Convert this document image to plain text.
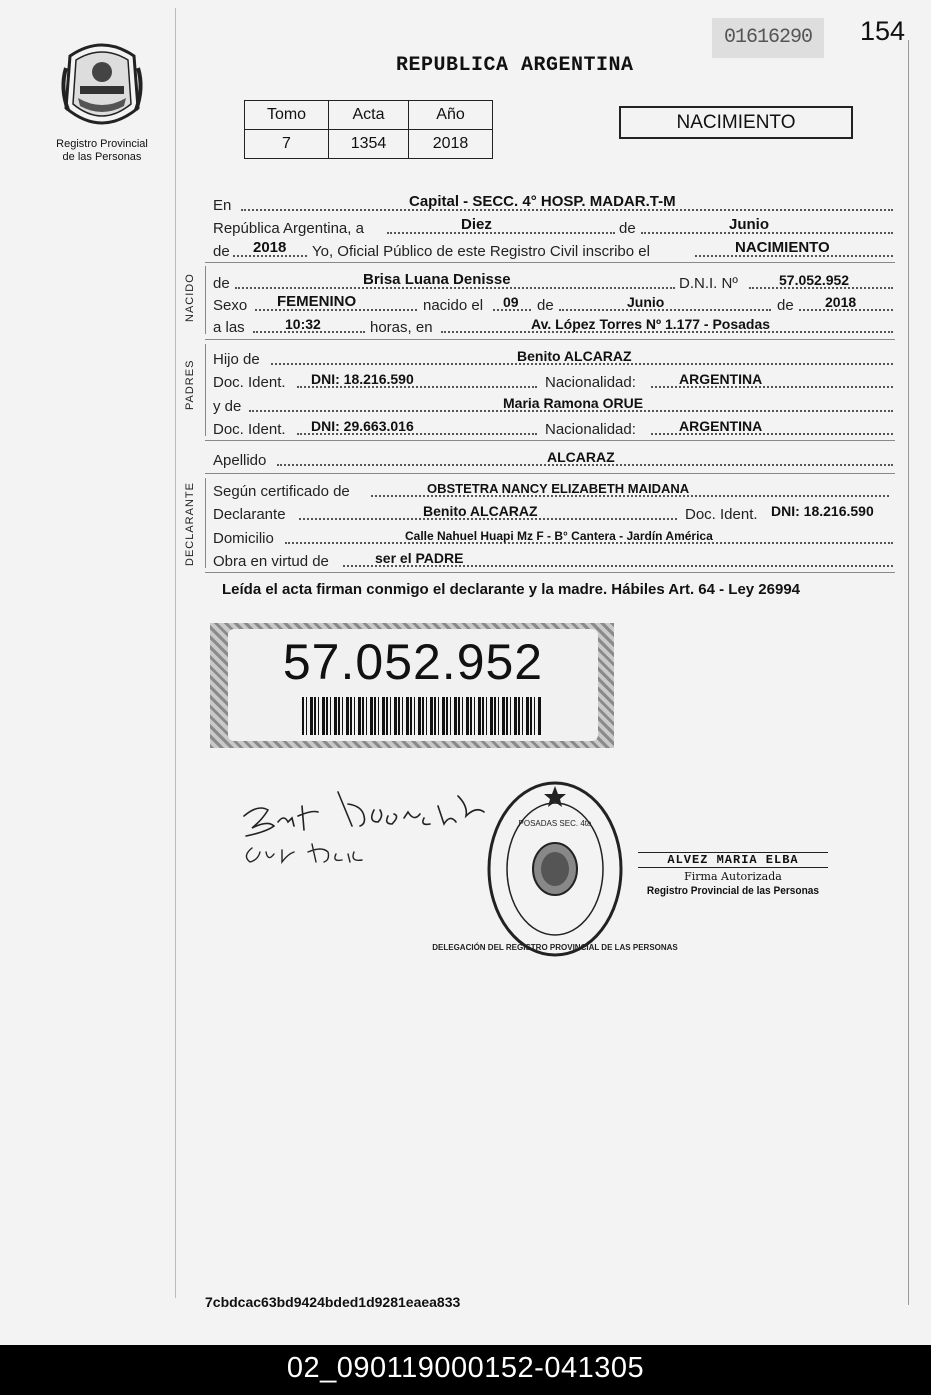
Registro Provincial
de las Personas
01616290	154
REPUBLICA ARGENTINA
Tomo	Acta	Año
7	1354	2018
NACIMIENTO
En	Capital - SECC. 4° HOSP. MADAR.T-M
República Argentina, a	Diez	de	Junio
de 2018 Yo, Oficial Público de este Registro Civil inscribo el	NACIMIENTO
NACIDO de	Brisa Luana Denisse	D.N.I. Nº	57.052.952
Sexo FEMENINO	nacido el 09 de	Junio	de 2018
a las	10:32	horas, en	Av. López Torres Nº 1.177 - Posadas
PADRES
Hijo de	Benito ALCARAZ
Doc. Ident. DNI: 18.216.590	Nacionalidad:	ARGENTINA
y de	Maria Ramona ORUE
Doc. Ident. DNI: 29.663.016	Nacionalidad:	ARGENTINA
Apellido	ALCARAZ
DECLARANTE Según certificado de	OBSTETRA NANCY ELIZABETH MAIDANA
Declarante	Benito ALCARAZ	Doc. Ident. DNI: 18.216.590
Domicilio	Calle Nahuel Huapi Mz F - B° Cantera - Jardín América
Obra en virtud de	ser el PADRE
Leída el acta firman conmigo el declarante y la madre. Hábiles Art. 64 - Ley 26994
57.052.952
DELEGACIÓN DEL REGISTRO PROVINCIAL DE LAS PERSONAS
POSADAS SEC. 4ta
ALVEZ MARIA ELBA
Firma Autorizada
Registro Provincial de las Personas
7cbdcac63bd9424bded1d9281eaea833
02_090119000152-041305
